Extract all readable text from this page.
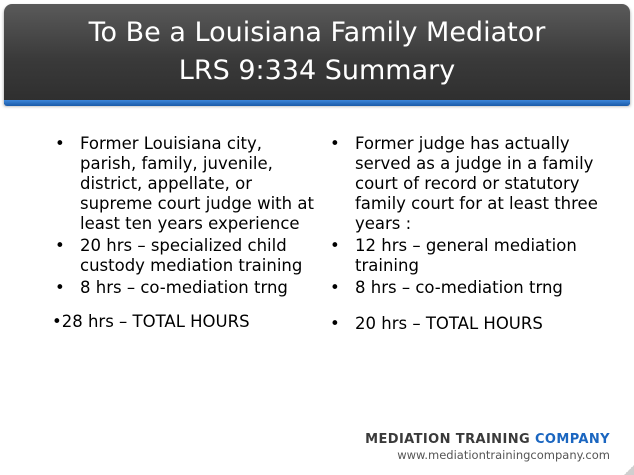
To Be a Louisiana Family Mediator
LRS 9:334 Summary
• Former Louisiana city, parish, family, juvenile, district, appellate, or supreme court judge with at least ten years experience
• 20 hrs – specialized child custody mediation training
• 8 hrs – co-mediation trng
•28 hrs – TOTAL HOURS
• Former judge has actually served as a judge in a family court of record or statutory family court for at least three years :
• 12 hrs – general mediation training
• 8 hrs – co-mediation trng
• 20 hrs – TOTAL HOURS
MEDIATION TRAINING COMPANY
www.mediationtrainingcompany.com
